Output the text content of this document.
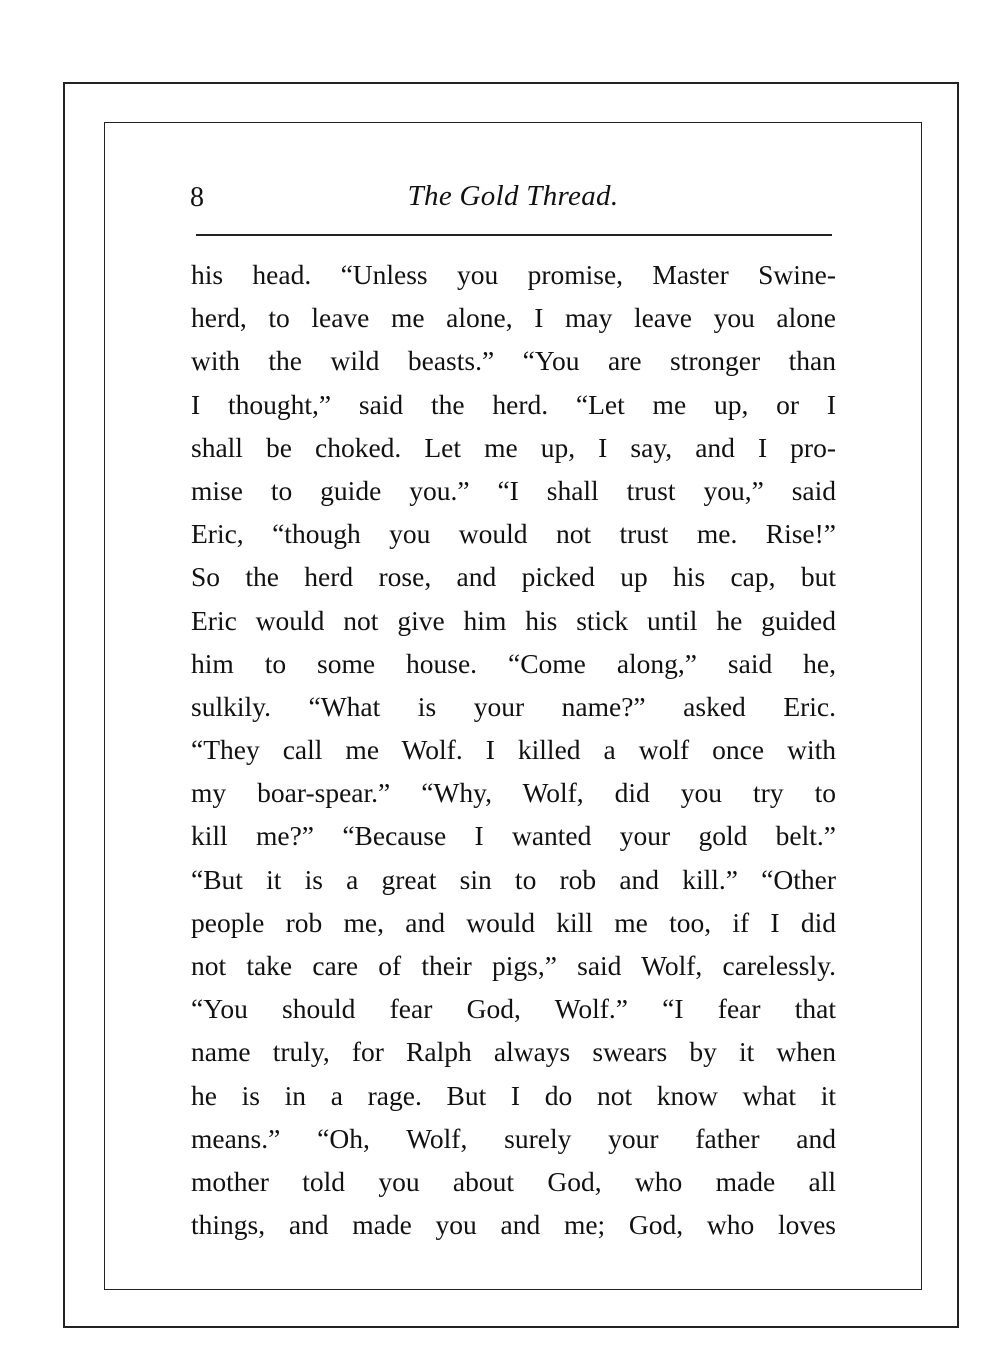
8	The Gold Thread.
his head. “Unless you promise, Master Swine-
herd, to leave me alone, I may leave you alone
with the wild beasts.” “You are stronger than
I thought,” said the herd. “Let me up, or I
shall be choked. Let me up, I say, and I pro-
mise to guide you.” “I shall trust you,” said
Eric, “though you would not trust me. Rise!”
So the herd rose, and picked up his cap, but
Eric would not give him his stick until he guided
him to some house. “Come along,” said he,
sulkily. “What is your name?” asked Eric.
“They call me Wolf. I killed a wolf once with
my boar-spear.” “Why, Wolf, did you try to
kill me?” “Because I wanted your gold belt.”
“But it is a great sin to rob and kill.” “Other
people rob me, and would kill me too, if I did
not take care of their pigs,” said Wolf, carelessly.
“You should fear God, Wolf.” “I fear that
name truly, for Ralph always swears by it when
he is in a rage. But I do not know what it
means.” “Oh, Wolf, surely your father and
mother told you about God, who made all
things, and made you and me; God, who loves
